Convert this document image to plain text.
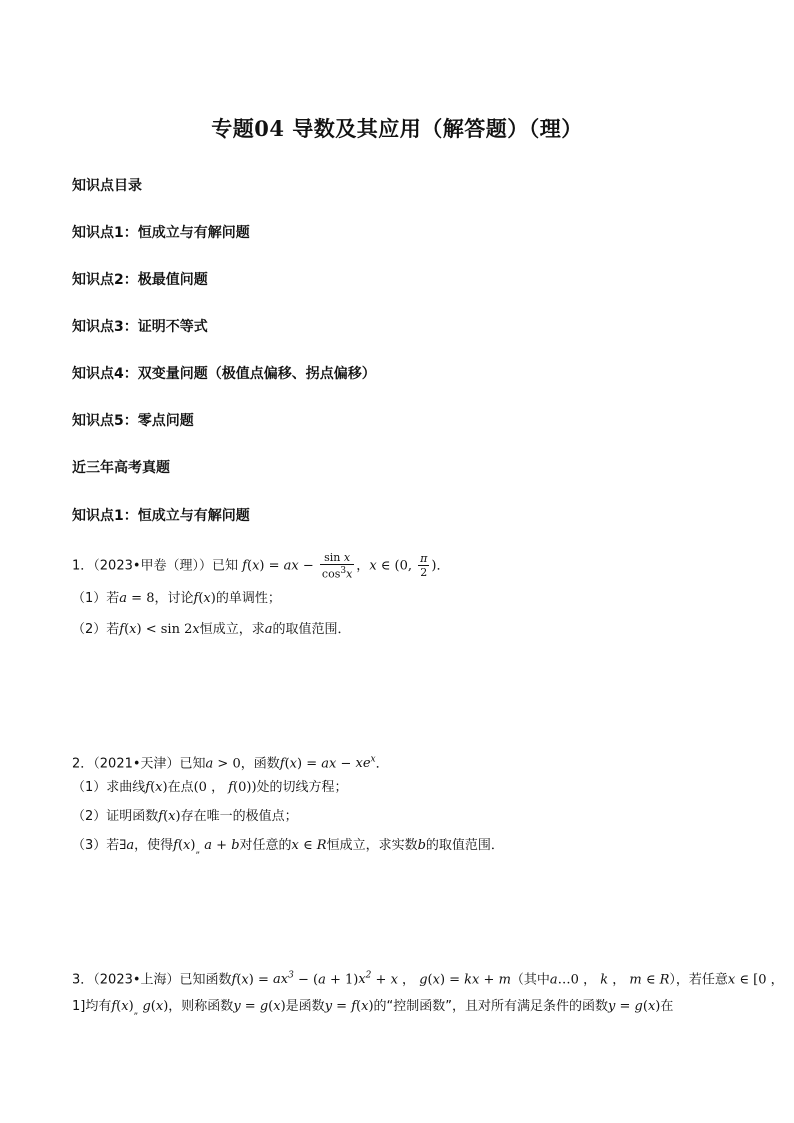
专题04 导数及其应用（解答题）（理）
知识点目录
知识点1：恒成立与有解问题
知识点2：极最值问题
知识点3：证明不等式
知识点4：双变量问题（极值点偏移、拐点偏移）
知识点5：零点问题
近三年高考真题
知识点1：恒成立与有解问题
1．（2023•甲卷（理））已知 f(x) = ax − $\frac{\text{sin x}}{\cos^3x}$ ，x ∈ (0, $\frac{\pi}{2}$ )．
（1）若a = 8，讨论f(x)的单调性；
（2）若f(x) < sin 2x恒成立，求a的取值范围．
2．（2021•天津）已知a > 0，函数f(x) = ax − $xe^x$．
（1）求曲线f(x)在点(0 ， f(0))处的切线方程；
（2）证明函数f(x)存在唯一的极值点；
（3）若∃a，使得$f(x)_„$ a + b对任意的x ∈ R恒成立，求实数b的取值范围．
3．（2023•上海）已知函数$f(x) = ax^3 - (a + 1)x^2 + x$ ， g(x) = kx + m（其中a…0 ， k ， m ∈ R），若任意x ∈ [0 ，
1]均有$f(x)_„$ g(x)，则称函数y = g(x)是函数y = f(x)的“控制函数”，且对所有满足条件的函数y = g(x)在
